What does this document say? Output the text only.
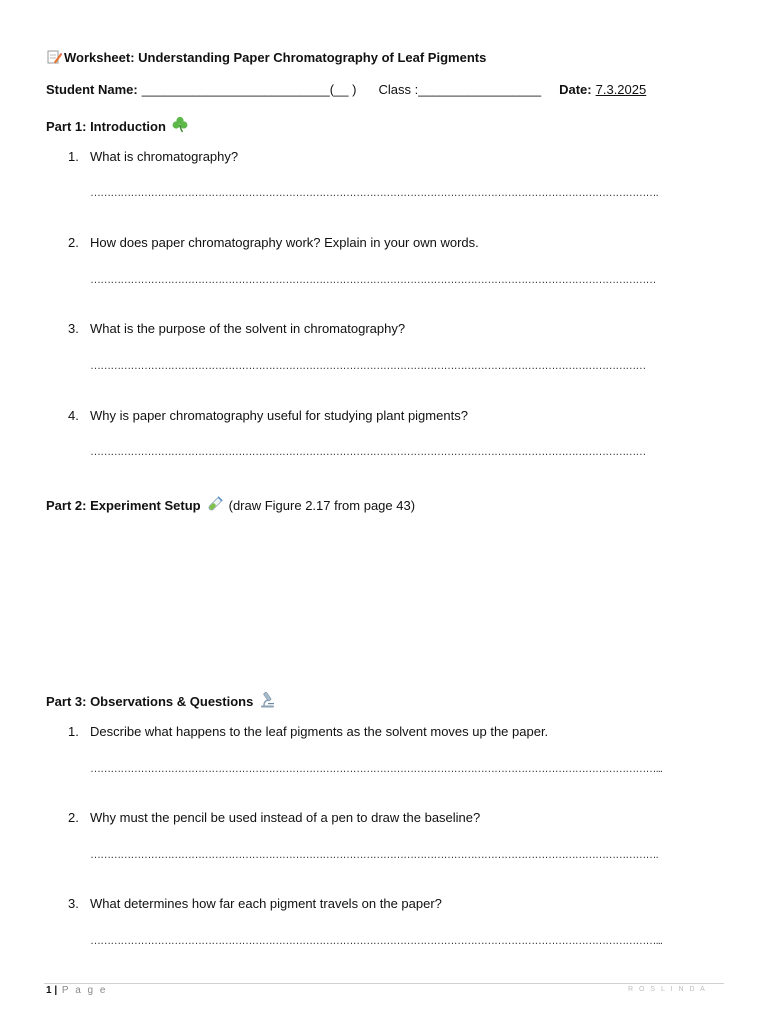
Worksheet: Understanding Paper Chromatography of Leaf Pigments
Student Name: __________________________(__ ) Class : _________________ Date: 7.3.2025
Part 1: Introduction
1. What is chromatography?
…………………………………………………………………………………………………………………………………………………….
2. How does paper chromatography work? Explain in your own words.
……………………………………………………………………………………………………………………………………………………
3. What is the purpose of the solvent in chromatography?
…………………………………………………………………………………………………………………………………………………
4. Why is paper chromatography useful for studying plant pigments?
…………………………………………………………………………………………………………………………………………………
Part 2: Experiment Setup (draw Figure 2.17 from page 43)
Part 3: Observations & Questions
1. Describe what happens to the leaf pigments as the solvent moves up the paper.
……………………………………………………………………………………………………………………………………………………...
2. Why must the pencil be used instead of a pen to draw the baseline?
…………………………………………………………………………………………………………………………………………………….
3. What determines how far each pigment travels on the paper?
……………………………………………………………………………………………………………………………………………………...
1 | P a g e	R O S L I N D A
